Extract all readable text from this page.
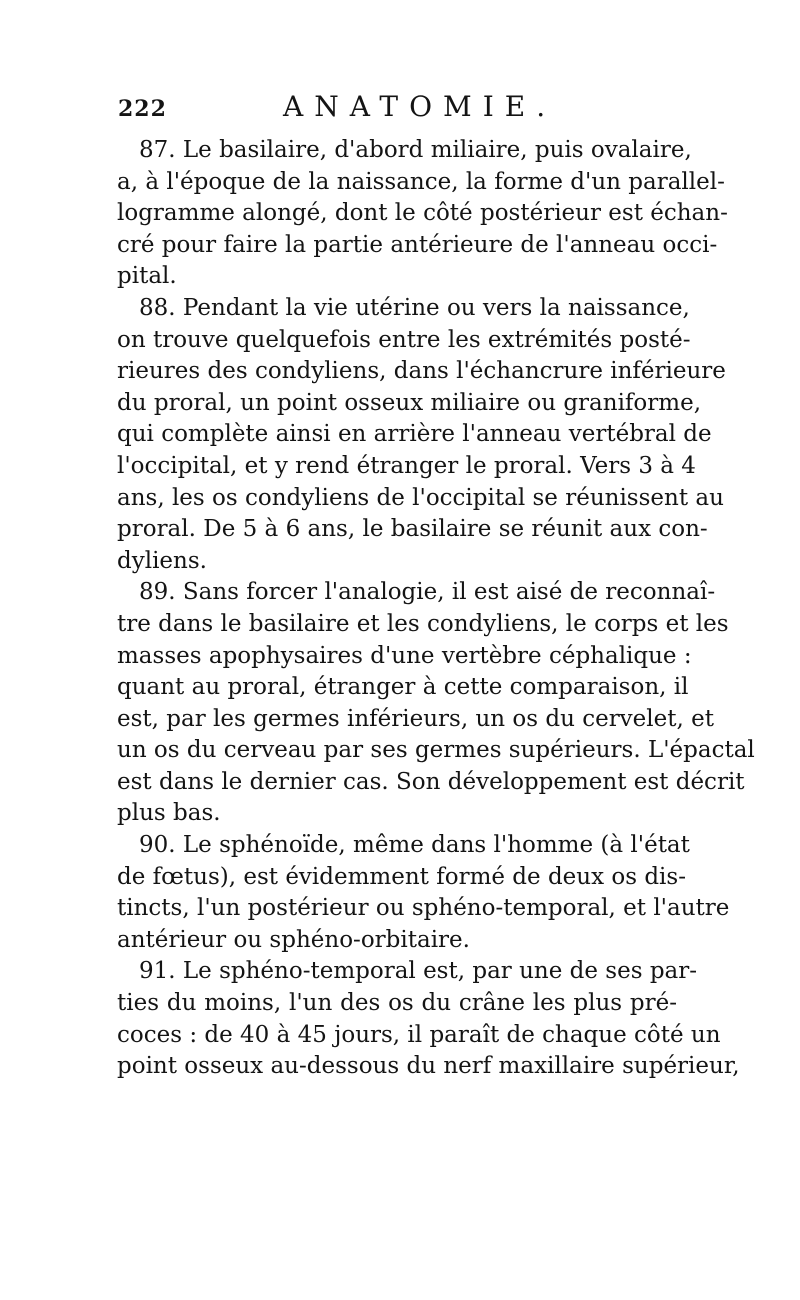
222	ANATOMIE.
87. Le basilaire, d'abord miliaire, puis ovalaire,
a, à l'époque de la naissance, la forme d'un parallel-
logramme alongé, dont le côté postérieur est échan-
cré pour faire la partie antérieure de l'anneau occi-
pital.
88. Pendant la vie utérine ou vers la naissance,
on trouve quelquefois entre les extrémités posté-
rieures des condyliens, dans l'échancrure inférieure
du proral, un point osseux miliaire ou graniforme,
qui complète ainsi en arrière l'anneau vertébral de
l'occipital, et y rend étranger le proral. Vers 3 à 4
ans, les os condyliens de l'occipital se réunissent au
proral. De 5 à 6 ans, le basilaire se réunit aux con-
dyliens.
89. Sans forcer l'analogie, il est aisé de reconnaî-
tre dans le basilaire et les condyliens, le corps et les
masses apophysaires d'une vertèbre céphalique :
quant au proral, étranger à cette comparaison, il
est, par les germes inférieurs, un os du cervelet, et
un os du cerveau par ses germes supérieurs. L'épactal
est dans le dernier cas. Son développement est décrit
plus bas.
90. Le sphénoïde, même dans l'homme (à l'état
de fœtus), est évidemment formé de deux os dis-
tincts, l'un postérieur ou sphéno-temporal, et l'autre
antérieur ou sphéno-orbitaire.
91. Le sphéno-temporal est, par une de ses par-
ties du moins, l'un des os du crâne les plus pré-
coces : de 40 à 45 jours, il paraît de chaque côté un
point osseux au-dessous du nerf maxillaire supérieur,
